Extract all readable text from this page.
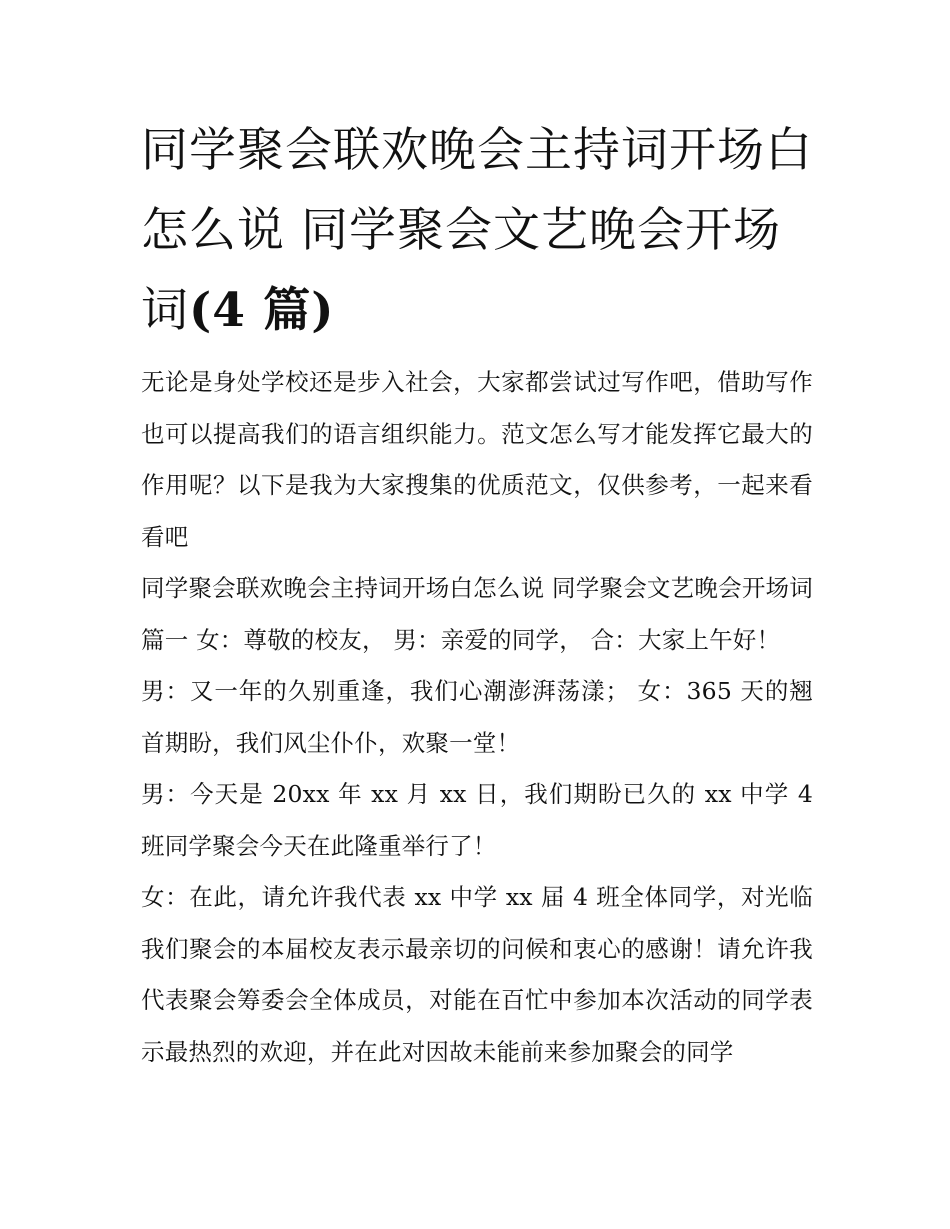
同学聚会联欢晚会主持词开场白怎么说 同学聚会文艺晚会开场词(4 篇)

无论是身处学校还是步入社会，大家都尝试过写作吧，借助写作也可以提高我们的语言组织能力。范文怎么写才能发挥它最大的作用呢？以下是我为大家搜集的优质范文，仅供参考，一起来看看吧

同学聚会联欢晚会主持词开场白怎么说 同学聚会文艺晚会开场词篇一 女：尊敬的校友， 男：亲爱的同学， 合：大家上午好！

男：又一年的久别重逢，我们心潮澎湃荡漾； 女：365 天的翘首期盼，我们风尘仆仆，欢聚一堂！

男：今天是 20xx 年 xx 月 xx 日，我们期盼已久的 xx 中学 4 班同学聚会今天在此隆重举行了！

女：在此，请允许我代表 xx 中学 xx 届 4 班全体同学，对光临我们聚会的本届校友表示最亲切的问候和衷心的感谢！请允许我代表聚会筹委会全体成员，对能在百忙中参加本次活动的同学表示最热烈的欢迎，并在此对因故未能前来参加聚会的同学
